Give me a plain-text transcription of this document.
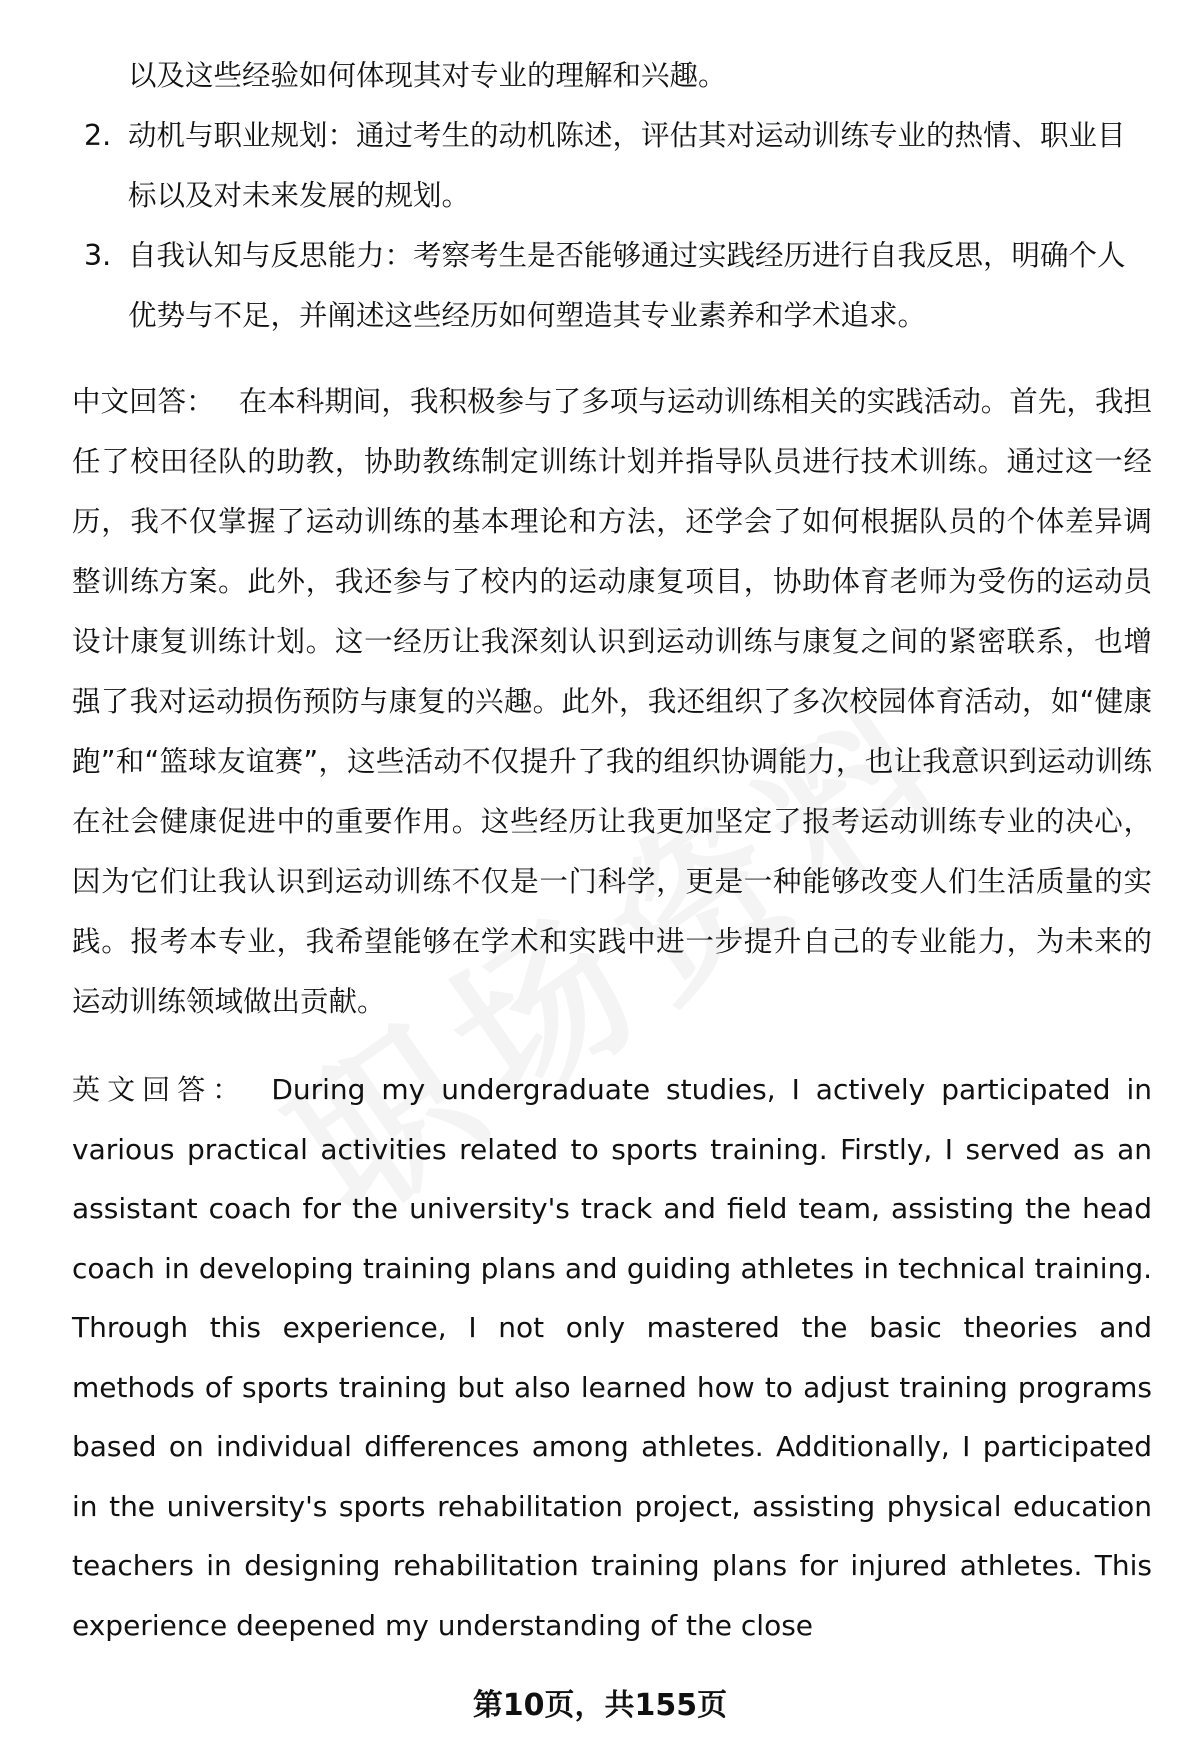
以及这些经验如何体现其对专业的理解和兴趣。
2. 动机与职业规划：通过考生的动机陈述，评估其对运动训练专业的热情、职业目标以及对未来发展的规划。
3. 自我认知与反思能力：考察考生是否能够通过实践经历进行自我反思，明确个人优势与不足，并阐述这些经历如何塑造其专业素养和学术追求。
中文回答： 在本科期间，我积极参与了多项与运动训练相关的实践活动。首先，我担任了校田径队的助教，协助教练制定训练计划并指导队员进行技术训练。通过这一经历，我不仅掌握了运动训练的基本理论和方法，还学会了如何根据队员的个体差异调整训练方案。此外，我还参与了校内的运动康复项目，协助体育老师为受伤的运动员设计康复训练计划。这一经历让我深刻认识到运动训练与康复之间的紧密联系，也增强了我对运动损伤预防与康复的兴趣。此外，我还组织了多次校园体育活动，如“健康跑”和“篮球友谊赛”，这些活动不仅提升了我的组织协调能力，也让我意识到运动训练在社会健康促进中的重要作用。这些经历让我更加坚定了报考运动训练专业的决心，因为它们让我认识到运动训练不仅是一门科学，更是一种能够改变人们生活质量的实践。报考本专业，我希望能够在学术和实践中进一步提升自己的专业能力，为未来的运动训练领域做出贡献。
英文回答： During my undergraduate studies, I actively participated in various practical activities related to sports training. Firstly, I served as an assistant coach for the university's track and field team, assisting the head coach in developing training plans and guiding athletes in technical training. Through this experience, I not only mastered the basic theories and methods of sports training but also learned how to adjust training programs based on individual differences among athletes. Additionally, I participated in the university's sports rehabilitation project, assisting physical education teachers in designing rehabilitation training plans for injured athletes. This experience deepened my understanding of the close
第10页，共155页
